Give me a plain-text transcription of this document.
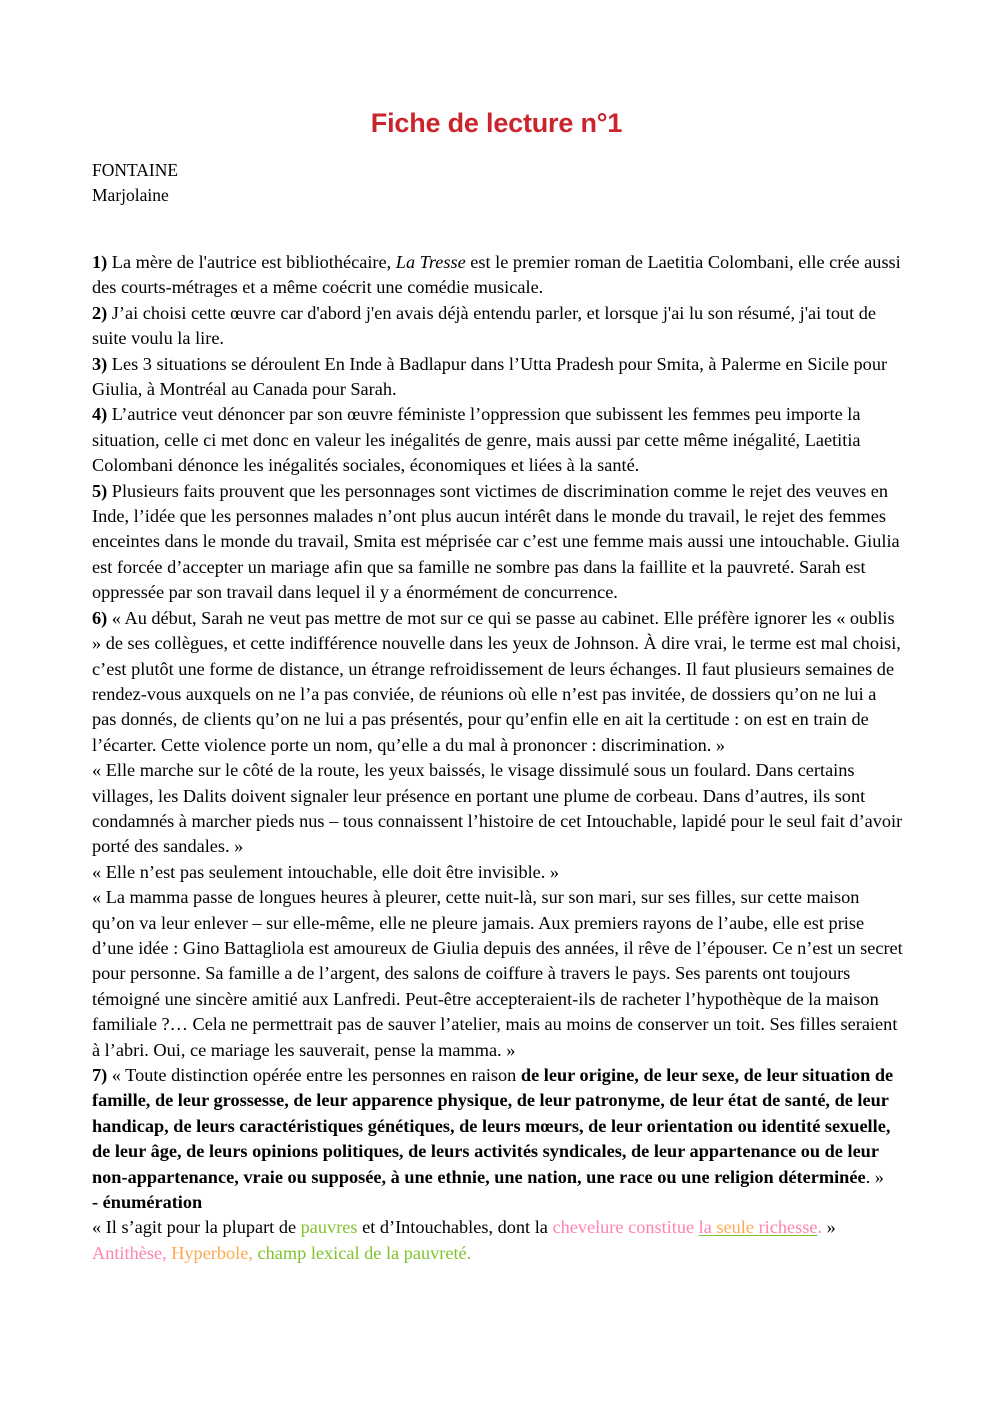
Fiche de lecture n°1
FONTAINE
Marjolaine

1) La mère de l'autrice est bibliothécaire, La Tresse est le premier roman de Laetitia Colombani, elle crée aussi des courts-métrages et a même coécrit une comédie musicale.

2) J’ai choisi cette œuvre car d'abord j'en avais déjà entendu parler, et lorsque j'ai lu son résumé, j'ai tout de suite voulu la lire.

3) Les 3 situations se déroulent En Inde à Badlapur dans l’Utta Pradesh pour Smita, à Palerme en Sicile pour Giulia, à Montréal au Canada pour Sarah.

4) L’autrice veut dénoncer par son œuvre féministe l’oppression que subissent les femmes peu importe la situation, celle ci met donc en valeur les inégalités de genre, mais aussi par cette même inégalité, Laetitia Colombani dénonce les inégalités sociales, économiques et liées à la santé.

5) Plusieurs faits prouvent que les personnages sont victimes de discrimination comme le rejet des veuves en Inde, l’idée que les personnes malades n’ont plus aucun intérêt dans le monde du travail, le rejet des femmes enceintes dans le monde du travail, Smita est méprisée car c’est une femme mais aussi une intouchable. Giulia est forcée d’accepter un mariage afin que sa famille ne sombre pas dans la faillite et la pauvreté. Sarah est oppressée par son travail dans lequel il y a énormément de concurrence.

6) « Au début, Sarah ne veut pas mettre de mot sur ce qui se passe au cabinet. Elle préfère ignorer les « oublis » de ses collègues, et cette indifférence nouvelle dans les yeux de Johnson. À dire vrai, le terme est mal choisi, c’est plutôt une forme de distance, un étrange refroidissement de leurs échanges. Il faut plusieurs semaines de rendez-vous auxquels on ne l’a pas conviée, de réunions où elle n’est pas invitée, de dossiers qu’on ne lui a pas donnés, de clients qu’on ne lui a pas présentés, pour qu’enfin elle en ait la certitude : on est en train de l’écarter. Cette violence porte un nom, qu’elle a du mal à prononcer : discrimination. »

« Elle marche sur le côté de la route, les yeux baissés, le visage dissimulé sous un foulard. Dans certains villages, les Dalits doivent signaler leur présence en portant une plume de corbeau. Dans d’autres, ils sont condamnés à marcher pieds nus – tous connaissent l’histoire de cet Intouchable, lapidé pour le seul fait d’avoir porté des sandales. »

« Elle n’est pas seulement intouchable, elle doit être invisible. »

« La mamma passe de longues heures à pleurer, cette nuit-là, sur son mari, sur ses filles, sur cette maison qu’on va leur enlever – sur elle-même, elle ne pleure jamais. Aux premiers rayons de l’aube, elle est prise d’une idée : Gino Battagliola est amoureux de Giulia depuis des années, il rêve de l’épouser. Ce n’est un secret pour personne. Sa famille a de l’argent, des salons de coiffure à travers le pays. Ses parents ont toujours témoigné une sincère amitié aux Lanfredi. Peut-être accepteraient-ils de racheter l’hypothèque de la maison familiale ?… Cela ne permettrait pas de sauver l’atelier, mais au moins de conserver un toit. Ses filles seraient à l’abri. Oui, ce mariage les sauverait, pense la mamma. »

7) « Toute distinction opérée entre les personnes en raison de leur origine, de leur sexe, de leur situation de famille, de leur grossesse, de leur apparence physique, de leur patronyme, de leur état de santé, de leur handicap, de leurs caractéristiques génétiques, de leurs mœurs, de leur orientation ou identité sexuelle, de leur âge, de leurs opinions politiques, de leurs activités syndicales, de leur appartenance ou de leur non-appartenance, vraie ou supposée, à une ethnie, une nation, une race ou une religion déterminée. »

- énumération

« Il s’agit pour la plupart de pauvres et d’Intouchables, dont la chevelure constitue la seule richesse. »

Antithèse, Hyperbole, champ lexical de la pauvreté.
